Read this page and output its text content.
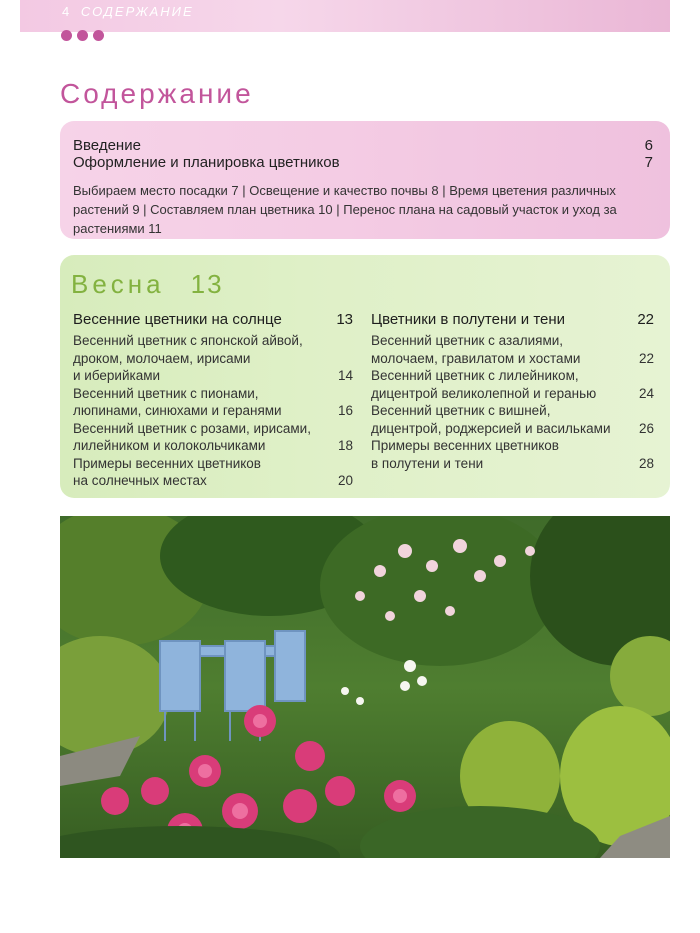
4 СОДЕРЖАНИЕ
Содержание
Введение	6
Оформление и планировка цветников	7
Выбираем место посадки 7 | Освещение и качество почвы 8 | Время цветения различных растений 9 | Составляем план цветника 10 | Перенос плана на садовый участок и уход за растениями 11
Весна 13
Весенние цветники на солнце	13
Весенний цветник с японской айвой,
дроком, молочаем, ирисами
и иберийками	14
Весенний цветник с пионами,
люпинами, синюхами и геранями	16
Весенний цветник с розами, ирисами,
лилейником и колокольчиками	18
Примеры весенних цветников
на солнечных местах	20
Цветники в полутени и тени	22
Весенний цветник с азалиями,
молочаем, гравилатом и хостами	22
Весенний цветник с лилейником,
дицентрой великолепной и геранью	24
Весенний цветник с вишней,
дицентрой, роджерсией и васильками	26
Примеры весенних цветников
в полутени и тени	28
